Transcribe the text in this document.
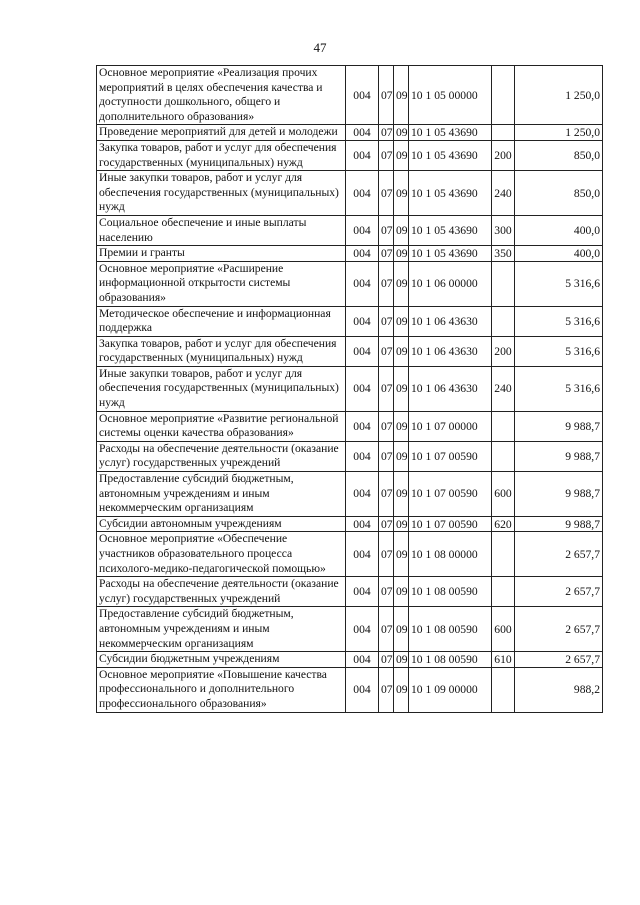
47
Основное мероприятие «Реализация прочих мероприятий в целях обеспечения качества и доступности дошкольного, общего и дополнительного образования»	004	07	09	10 1 05 00000		1 250,0
Проведение мероприятий для детей и молодежи	004	07	09	10 1 05 43690		1 250,0
Закупка товаров, работ и услуг для обеспечения государственных (муниципальных) нужд	004	07	09	10 1 05 43690	200	850,0
Иные закупки товаров, работ и услуг для обеспечения государственных (муниципальных) нужд	004	07	09	10 1 05 43690	240	850,0
Социальное обеспечение и иные выплаты населению	004	07	09	10 1 05 43690	300	400,0
Премии и гранты	004	07	09	10 1 05 43690	350	400,0
Основное мероприятие «Расширение информационной открытости системы образования»	004	07	09	10 1 06 00000		5 316,6
Методическое обеспечение и информационная поддержка	004	07	09	10 1 06 43630		5 316,6
Закупка товаров, работ и услуг для обеспечения государственных (муниципальных) нужд	004	07	09	10 1 06 43630	200	5 316,6
Иные закупки товаров, работ и услуг для обеспечения государственных (муниципальных) нужд	004	07	09	10 1 06 43630	240	5 316,6
Основное мероприятие «Развитие региональной системы оценки качества образования»	004	07	09	10 1 07 00000		9 988,7
Расходы на обеспечение деятельности (оказание услуг) государственных учреждений	004	07	09	10 1 07 00590		9 988,7
Предоставление субсидий бюджетным, автономным учреждениям и иным некоммерческим организациям	004	07	09	10 1 07 00590	600	9 988,7
Субсидии автономным учреждениям	004	07	09	10 1 07 00590	620	9 988,7
Основное мероприятие «Обеспечение участников образовательного процесса психолого-медико-педагогической помощью»	004	07	09	10 1 08 00000		2 657,7
Расходы на обеспечение деятельности (оказание услуг) государственных учреждений	004	07	09	10 1 08 00590		2 657,7
Предоставление субсидий бюджетным, автономным учреждениям и иным некоммерческим организациям	004	07	09	10 1 08 00590	600	2 657,7
Субсидии бюджетным учреждениям	004	07	09	10 1 08 00590	610	2 657,7
Основное мероприятие «Повышение качества профессионального и дополнительного профессионального образования»	004	07	09	10 1 09 00000		988,2
